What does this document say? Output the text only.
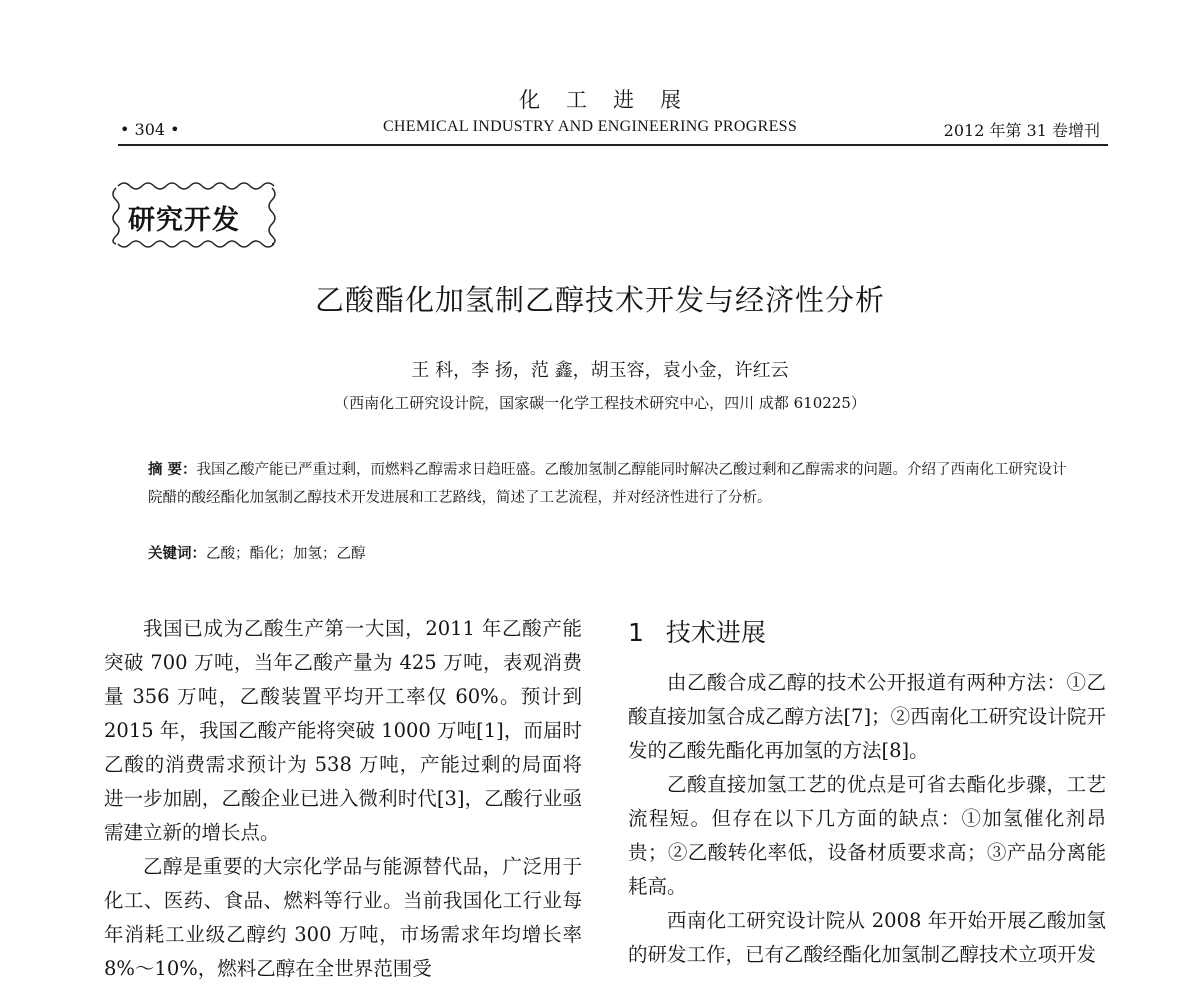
化工进展
• 304 •	CHEMICAL INDUSTRY AND ENGINEERING PROGRESS	2012 年第 31 卷增刊
研究开发
乙酸酯化加氢制乙醇技术开发与经济性分析
王 科，李 扬，范 鑫，胡玉容，袁小金，许红云
（西南化工研究设计院，国家碳一化学工程技术研究中心，四川 成都 610225）
摘 要：我国乙酸产能已严重过剩，而燃料乙醇需求日趋旺盛。乙酸加氢制乙醇能同时解决乙酸过剩和乙醇需求的问题。介绍了西南化工研究设计院醋的酸经酯化加氢制乙醇技术开发进展和工艺路线，简述了工艺流程，并对经济性进行了分析。
关键词：乙酸；酯化；加氢；乙醇

我国已成为乙酸生产第一大国，2011 年乙酸产能突破 700 万吨，当年乙酸产量为 425 万吨，表观消费量 356 万吨，乙酸装置平均开工率仅 60%。预计到 2015 年，我国乙酸产能将突破 1000 万吨[1]，而届时乙酸的消费需求预计为 538 万吨，产能过剩的局面将进一步加剧，乙酸企业已进入微利时代[3]，乙酸行业亟需建立新的增长点。

乙醇是重要的大宗化学品与能源替代品，广泛用于化工、医药、食品、燃料等行业。当前我国化工行业每年消耗工业级乙醇约 300 万吨，市场需求年均增长率 8%～10%，燃料乙醇在全世界范围受

1 技术进展

由乙酸合成乙醇的技术公开报道有两种方法：①乙酸直接加氢合成乙醇方法[7]；②西南化工研究设计院开发的乙酸先酯化再加氢的方法[8]。

乙酸直接加氢工艺的优点是可省去酯化步骤，工艺流程短。但存在以下几方面的缺点：①加氢催化剂昂贵；②乙酸转化率低，设备材质要求高；③产品分离能耗高。

西南化工研究设计院从 2008 年开始开展乙酸加氢的研发工作，已有乙酸经酯化加氢制乙醇技术立项开发
